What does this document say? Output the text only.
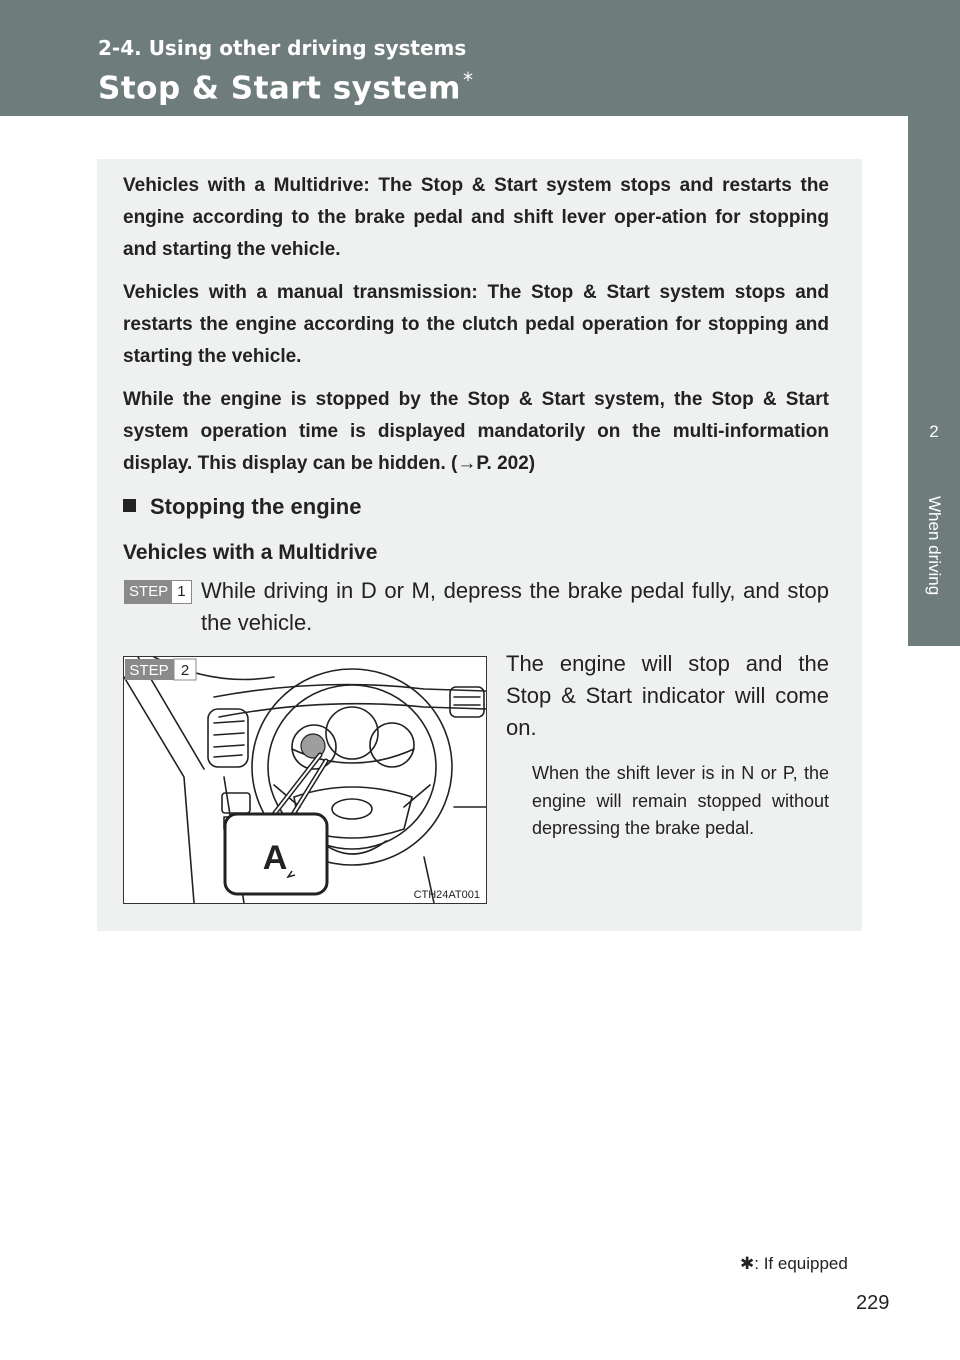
2-4. Using other driving systems
Stop & Start system *
2
When driving

Vehicles with a Multidrive: The Stop & Start system stops and restarts the engine according to the brake pedal and shift lever oper-ation for stopping and starting the vehicle.

Vehicles with a manual transmission: The Stop & Start system stops and restarts the engine according to the clutch pedal operation for stopping and starting the vehicle.

While the engine is stopped by the Stop & Start system, the Stop & Start system operation time is displayed mandatorily on the multi-information display. This display can be hidden. (→P. 202)

Stopping the engine
Vehicles with a Multidrive
STEP 1 While driving in D or M, depress the brake pedal fully, and stop the vehicle.

A
STEP 2
CTH24AT001

The engine will stop and the Stop & Start indicator will come on.

When the shift lever is in N or P, the engine will remain stopped without depressing the brake pedal.

✱: If equipped
229
